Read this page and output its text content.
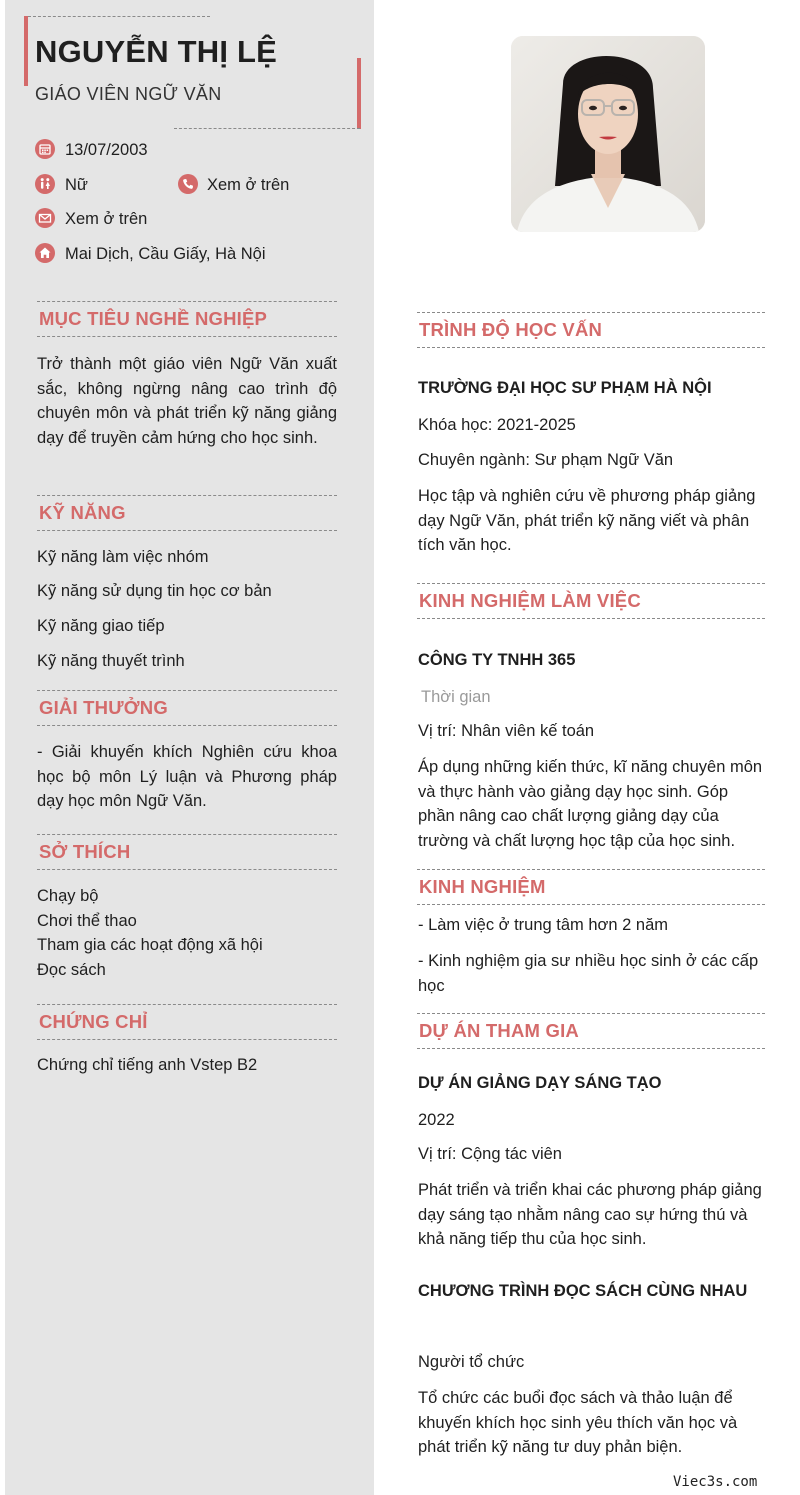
NGUYỄN THỊ LỆ
GIÁO VIÊN NGỮ VĂN
13/07/2003
Nữ	Xem ở trên
Xem ở trên
Mai Dịch, Cầu Giấy, Hà Nội
MỤC TIÊU NGHỀ NGHIỆP
Trở thành một giáo viên Ngữ Văn xuất sắc, không ngừng nâng cao trình độ chuyên môn và phát triển kỹ năng giảng dạy để truyền cảm hứng cho học sinh.
KỸ NĂNG
Kỹ năng làm việc nhóm
Kỹ năng sử dụng tin học cơ bản
Kỹ năng giao tiếp
Kỹ năng thuyết trình
GIẢI THƯỞNG
- Giải khuyến khích Nghiên cứu khoa học bộ môn Lý luận và Phương pháp dạy học môn Ngữ Văn.
SỞ THÍCH
Chạy bộ
Chơi thể thao
Tham gia các hoạt động xã hội
Đọc sách
CHỨNG CHỈ
Chứng chỉ tiếng anh Vstep B2
TRÌNH ĐỘ HỌC VẤN
TRƯỜNG ĐẠI HỌC SƯ PHẠM HÀ NỘI
Khóa học: 2021-2025
Chuyên ngành: Sư phạm Ngữ Văn
Học tập và nghiên cứu về phương pháp giảng dạy Ngữ Văn, phát triển kỹ năng viết và phân tích văn học.
KINH NGHIỆM LÀM VIỆC
CÔNG TY TNHH 365
Thời gian
Vị trí: Nhân viên kế toán
Áp dụng những kiến thức, kĩ năng chuyên môn và thực hành vào giảng dạy học sinh. Góp phần nâng cao chất lượng giảng dạy của trường và chất lượng học tập của học sinh.
KINH NGHIỆM
- Làm việc ở trung tâm hơn 2 năm
- Kinh nghiệm gia sư nhiều học sinh ở các cấp học
DỰ ÁN THAM GIA
DỰ ÁN GIẢNG DẠY SÁNG TẠO
2022
Vị trí: Cộng tác viên
Phát triển và triển khai các phương pháp giảng dạy sáng tạo nhằm nâng cao sự hứng thú và khả năng tiếp thu của học sinh.
CHƯƠNG TRÌNH ĐỌC SÁCH CÙNG NHAU
Người tổ chức
Tổ chức các buổi đọc sách và thảo luận để khuyến khích học sinh yêu thích văn học và phát triển kỹ năng tư duy phản biện.
Viec3s.com
